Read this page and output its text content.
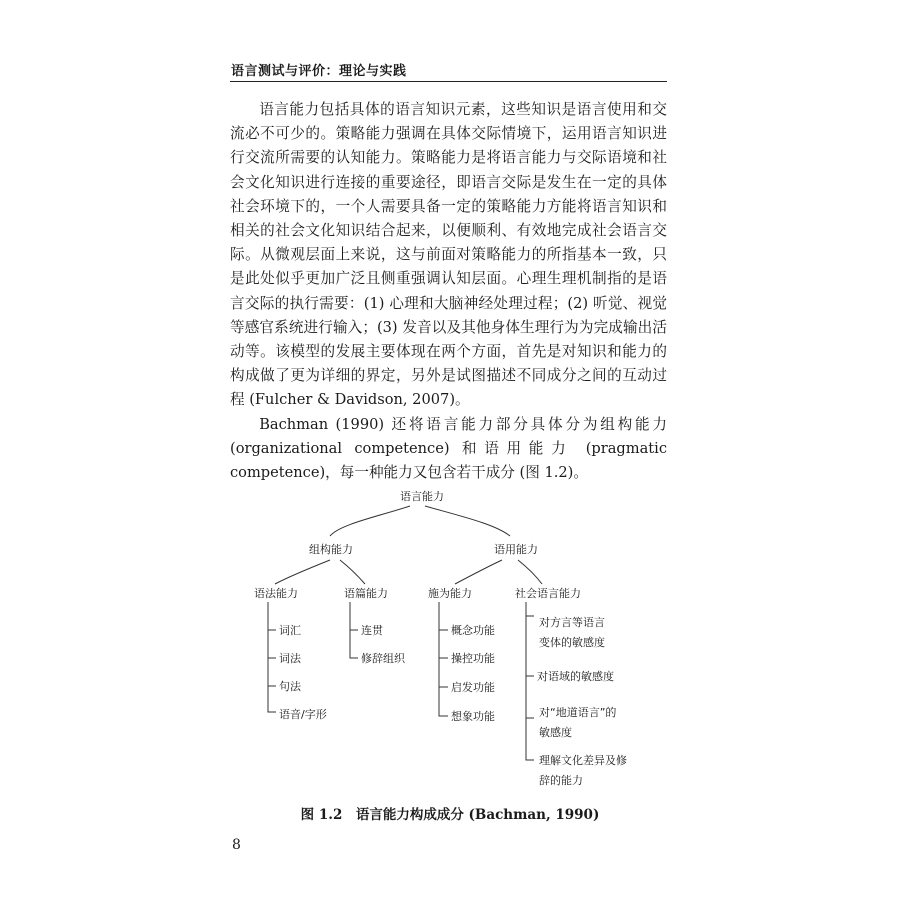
语言测试与评价：理论与实践

语言能力包括具体的语言知识元素，这些知识是语言使用和交流必不可少的。策略能力强调在具体交际情境下，运用语言知识进行交流所需要的认知能力。策略能力是将语言能力与交际语境和社会文化知识进行连接的重要途径，即语言交际是发生在一定的具体社会环境下的，一个人需要具备一定的策略能力方能将语言知识和相关的社会文化知识结合起来，以便顺利、有效地完成社会语言交际。从微观层面上来说，这与前面对策略能力的所指基本一致，只是此处似乎更加广泛且侧重强调认知层面。心理生理机制指的是语言交际的执行需要：(1) 心理和大脑神经处理过程；(2) 听觉、视觉等感官系统进行输入；(3) 发音以及其他身体生理行为为完成输出活动等。该模型的发展主要体现在两个方面，首先是对知识和能力的构成做了更为详细的界定，另外是试图描述不同成分之间的互动过程 (Fulcher & Davidson, 2007)。

Bachman (1990) 还将语言能力部分具体分为组构能力 (organizational competence) 和语用能力 (pragmatic competence)，每一种能力又包含若干成分 (图 1.2)。

语言能力
组构能力	语用能力
语法能力	语篇能力	施为能力	社会语言能力
词汇
词法
句法
语音/字形
连贯
修辞组织
概念功能
操控功能
启发功能
想象功能
对方言等语言
变体的敏感度
对语域的敏感度
对“地道语言”的
敏感度
理解文化差异及修
辞的能力
图 1.2　语言能力构成成分 (Bachman, 1990)
8
